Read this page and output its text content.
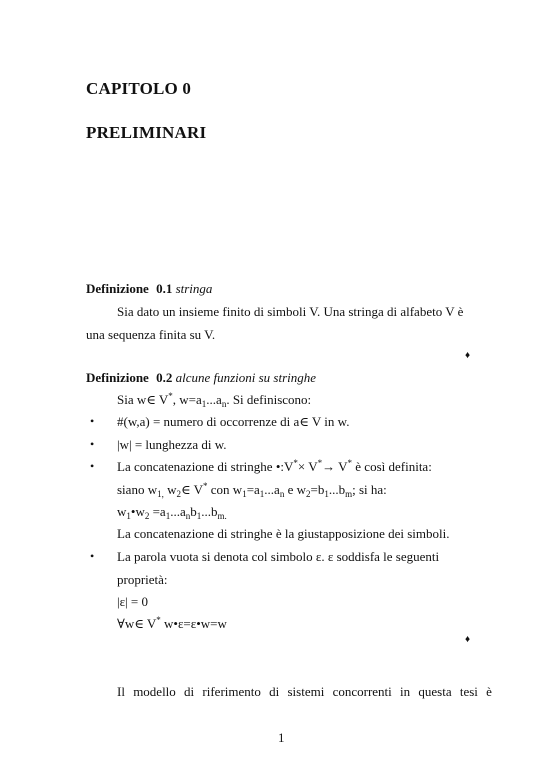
CAPITOLO 0
PRELIMINARI
Definizione 0.1 stringa
Sia dato un insieme finito di simboli V. Una stringa di alfabeto V è
una sequenza finita su V.
♦
Definizione 0.2 alcune funzioni su stringhe
Sia w∈ V*, $w=a_1...a_n$. Si definiscono:
• #(w,a) = numero di occorrenze di a∈ V in w.
• |w| = lunghezza di w.
• La concatenazione di stringhe •:V*× V*→ V* è così definita:
siano $w_{1,}$ $w_2\in$ V* con $w_1=a_1...a_n$ e $w_2=b_1...b_m$; si ha:
$w_1•w_2 =a_1...a_nb_1...b_{m.}$
La concatenazione di stringhe è la giustapposizione dei simboli.
• La parola vuota si denota col simbolo ε. ε soddisfa le seguenti
proprietà:
|ε| = 0
∀w∈ V* w•ε=ε•w=w
♦
Il modello di riferimento di sistemi concorrenti in questa tesi è
1
